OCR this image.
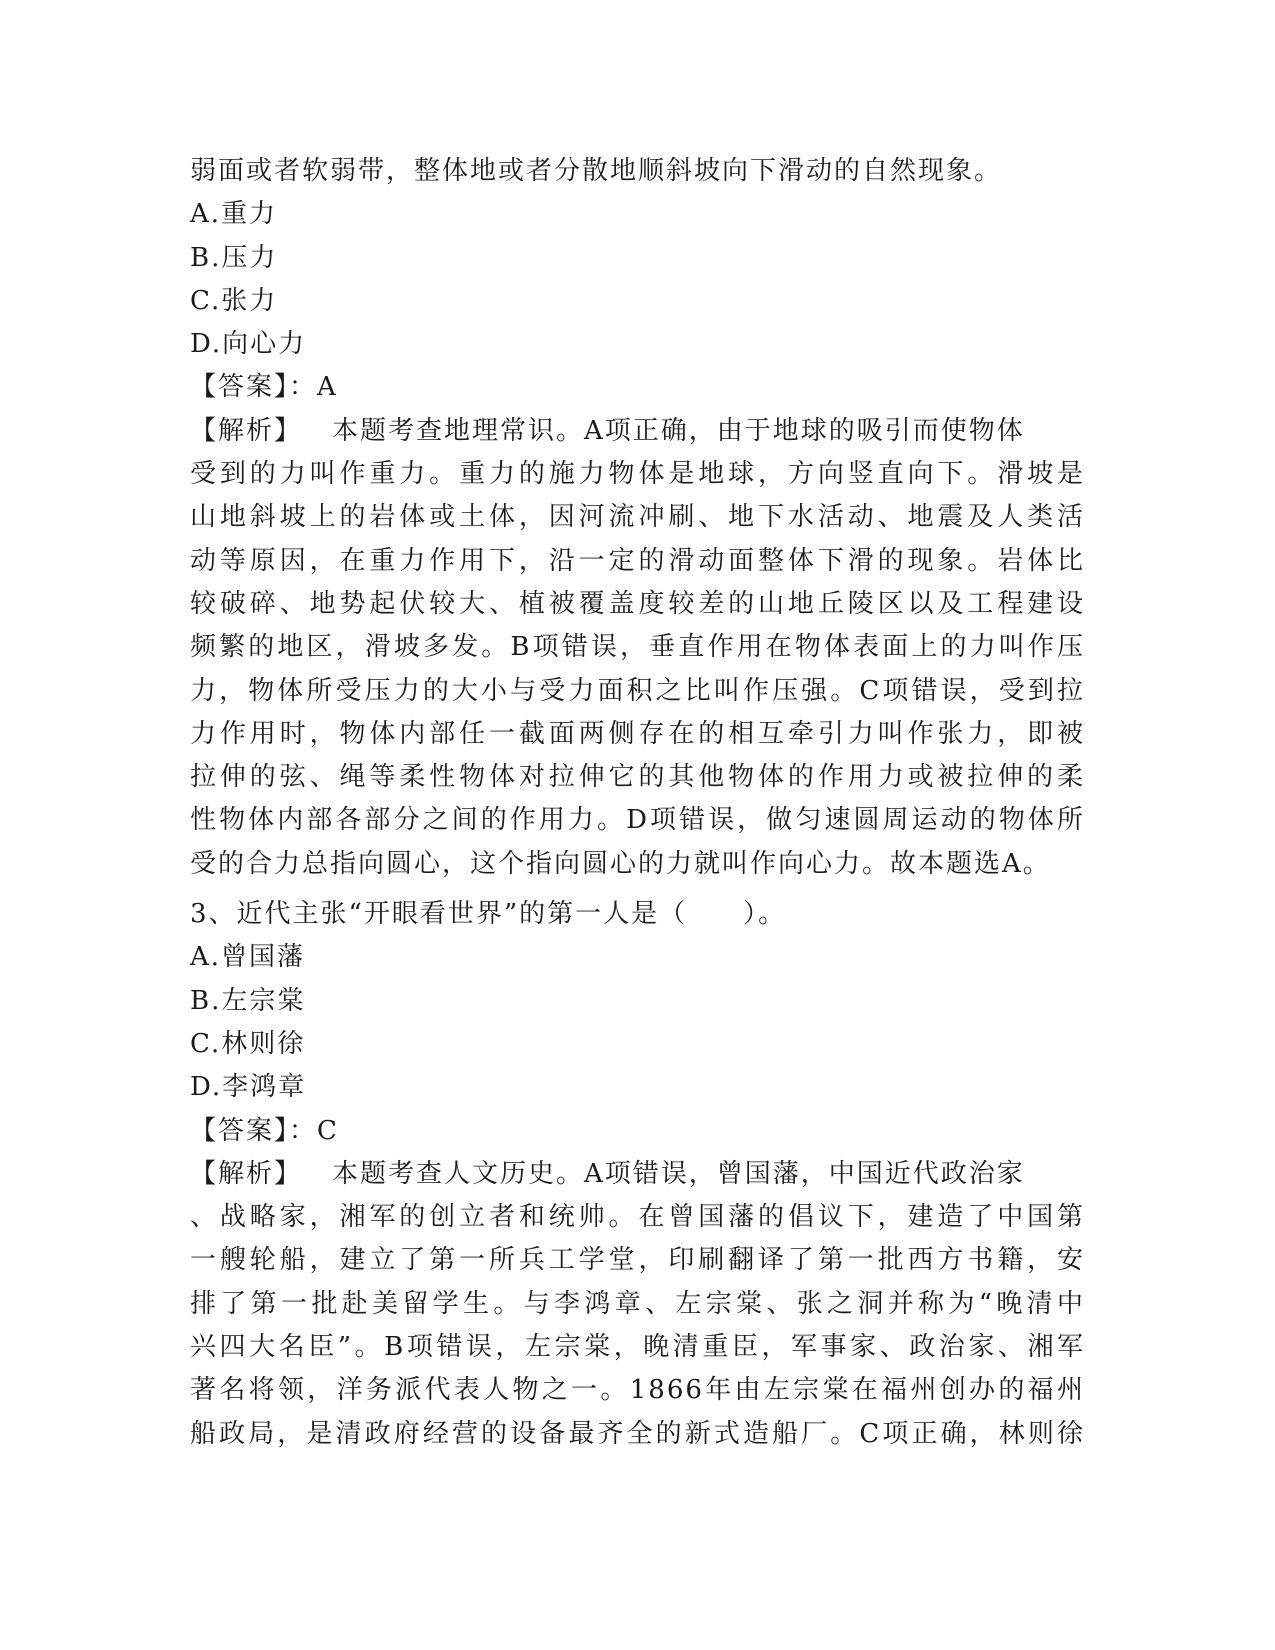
弱面或者软弱带，整体地或者分散地顺斜坡向下滑动的自然现象。
A.重力
B.压力
C.张力
D.向心力
【答案】：A
【解析】 本题考查地理常识。A项正确，由于地球的吸引而使物体
受到的力叫作重力。重力的施力物体是地球，方向竖直向下。滑坡是
山地斜坡上的岩体或土体，因河流冲刷、地下水活动、地震及人类活
动等原因，在重力作用下，沿一定的滑动面整体下滑的现象。岩体比
较破碎、地势起伏较大、植被覆盖度较差的山地丘陵区以及工程建设
频繁的地区，滑坡多发。B项错误，垂直作用在物体表面上的力叫作压
力，物体所受压力的大小与受力面积之比叫作压强。C项错误，受到拉
力作用时，物体内部任一截面两侧存在的相互牵引力叫作张力，即被
拉伸的弦、绳等柔性物体对拉伸它的其他物体的作用力或被拉伸的柔
性物体内部各部分之间的作用力。D项错误，做匀速圆周运动的物体所
受的合力总指向圆心，这个指向圆心的力就叫作向心力。故本题选A。
3、近代主张“开眼看世界”的第一人是（　　）。
A.曾国藩
B.左宗棠
C.林则徐
D.李鸿章
【答案】：C
【解析】 本题考查人文历史。A项错误，曾国藩，中国近代政治家
、战略家，湘军的创立者和统帅。在曾国藩的倡议下，建造了中国第
一艘轮船，建立了第一所兵工学堂，印刷翻译了第一批西方书籍，安
排了第一批赴美留学生。与李鸿章、左宗棠、张之洞并称为“晚清中
兴四大名臣”。B项错误，左宗棠，晚清重臣，军事家、政治家、湘军
著名将领，洋务派代表人物之一。1866年由左宗棠在福州创办的福州
船政局，是清政府经营的设备最齐全的新式造船厂。C项正确，林则徐
